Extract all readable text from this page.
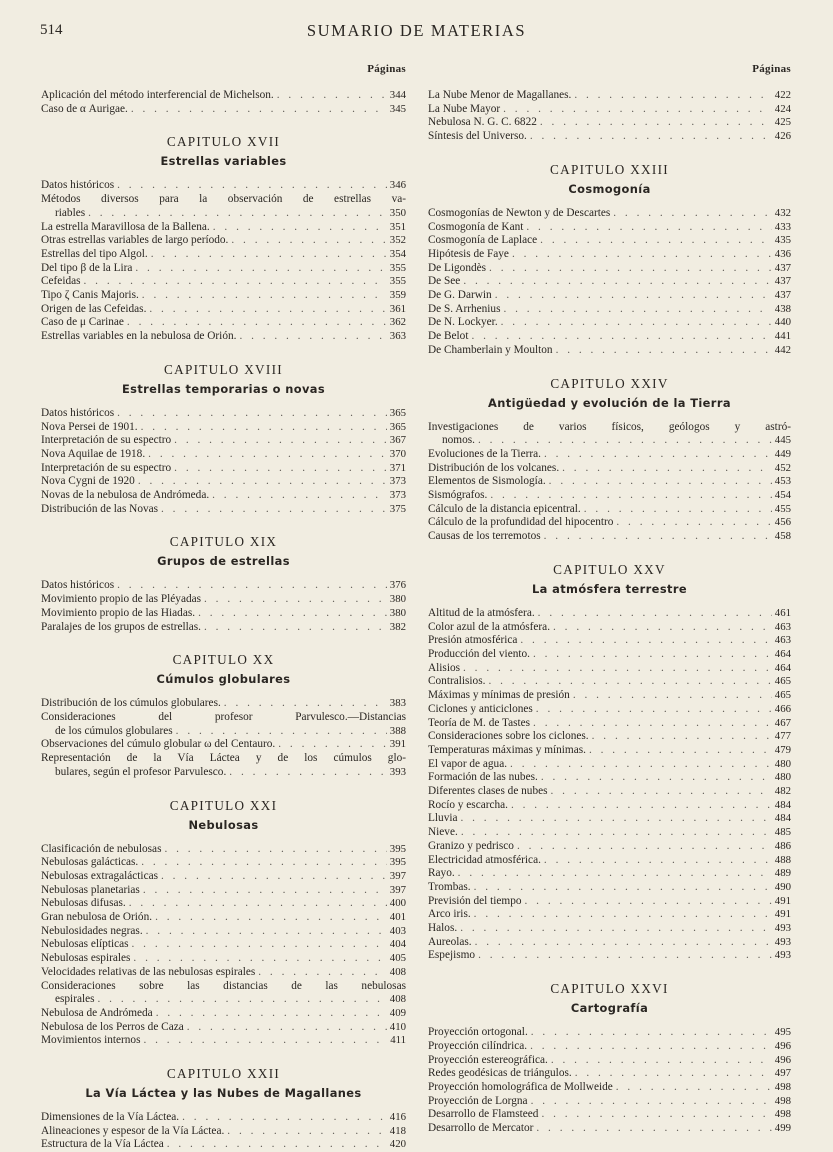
514	SUMARIO DE MATERIAS
Páginas
Aplicación del método interferencial de Michelson. . . .	344
Caso de α Aurigae. . . .	345
CAPITULO XVII
Estrellas variables
Datos históricos . . .	346
Métodos diversos para la observación de estrellas va-
riables . . .	350
La estrella Maravillosa de la Ballena. . . .	351
Otras estrellas variables de largo período. . . .	352
Estrellas del tipo Algol. . . .	354
Del tipo β de la Lira . . .	355
Cefeidas . . .	355
Tipo ζ Canis Majoris. . . .	359
Origen de las Cefeidas. . . .	361
Caso de μ Carinae . . .	362
Estrellas variables en la nebulosa de Orión. . . .	363
CAPITULO XVIII
Estrellas temporarias o novas
Datos históricos . . .	365
Nova Persei de 1901. . . .	365
Interpretación de su espectro . . .	367
Nova Aquilae de 1918. . . .	370
Interpretación de su espectro . . .	371
Nova Cygni de 1920 . . .	373
Novas de la nebulosa de Andrómeda. . . .	373
Distribución de las Novas . . .	375
CAPITULO XIX
Grupos de estrellas
Datos históricos . . .	376
Movimiento propio de las Pléyadas . . .	380
Movimiento propio de las Hiadas. . . .	380
Paralajes de los grupos de estrellas. . . .	382
CAPITULO XX
Cúmulos globulares
Distribución de los cúmulos globulares. . . .	383
Consideraciones del profesor Parvulesco.—Distancias
de los cúmulos globulares . . .	388
Observaciones del cúmulo globular ω del Centauro. . . .	391
Representación de la Vía Láctea y de los cúmulos glo-
bulares, según el profesor Parvulesco. . . .	393
CAPITULO XXI
Nebulosas
Clasificación de nebulosas . . .	395
Nebulosas galácticas. . . .	395
Nebulosas extragalácticas . . .	397
Nebulosas planetarias . . .	397
Nebulosas difusas. . . .	400
Gran nebulosa de Orión. . . .	401
Nebulosidades negras. . . .	403
Nebulosas elípticas . . .	404
Nebulosas espirales . . .	405
Velocidades relativas de las nebulosas espirales . . .	408
Consideraciones sobre las distancias de las nebulosas
espirales . . .	408
Nebulosa de Andrómeda . . .	409
Nebulosa de los Perros de Caza . . .	410
Movimientos internos . . .	411
CAPITULO XXII
La Vía Láctea y las Nubes de Magallanes
Dimensiones de la Vía Láctea. . . .	416
Alineaciones y espesor de la Vía Láctea. . . .	418
Estructura de la Vía Láctea . . .	420
Páginas
La Nube Menor de Magallanes. . . .	422
La Nube Mayor . . .	424
Nebulosa N. G. C. 6822 . . .	425
Síntesis del Universo. . . .	426
CAPITULO XXIII
Cosmogonía
Cosmogonías de Newton y de Descartes . . .	432
Cosmogonía de Kant . . .	433
Cosmogonía de Laplace . . .	435
Hipótesis de Faye . . .	436
De Ligondès . . .	437
De See . . .	437
De G. Darwin . . .	437
De S. Arrhenius . . .	438
De N. Lockyer. . . .	440
De Belot . . .	441
De Chamberlain y Moulton . . .	442
CAPITULO XXIV
Antigüedad y evolución de la Tierra
Investigaciones de varios físicos, geólogos y astró-
nomos. . . .	445
Evoluciones de la Tierra. . . .	449
Distribución de los volcanes. . . .	452
Elementos de Sismología. . . .	453
Sismógrafos. . . .	454
Cálculo de la distancia epicentral. . . .	455
Cálculo de la profundidad del hipocentro . . .	456
Causas de los terremotos . . .	458
CAPITULO XXV
La atmósfera terrestre
Altitud de la atmósfera. . . .	461
Color azul de la atmósfera. . . .	463
Presión atmosférica . . .	463
Producción del viento. . . .	464
Alisios . . .	464
Contralisios. . . .	465
Máximas y mínimas de presión . . .	465
Ciclones y anticiclones . . .	466
Teoría de M. de Tastes . . .	467
Consideraciones sobre los ciclones. . . .	477
Temperaturas máximas y mínimas. . . .	479
El vapor de agua. . . .	480
Formación de las nubes. . . .	480
Diferentes clases de nubes . . .	482
Rocío y escarcha. . . .	484
Lluvia . . .	484
Nieve. . . .	485
Granizo y pedrisco . . .	486
Electricidad atmosférica. . . .	488
Rayo. . . .	489
Trombas. . . .	490
Previsión del tiempo . . .	491
Arco iris. . . .	491
Halos. . . .	493
Aureolas. . . .	493
Espejismo . . .	493
CAPITULO XXVI
Cartografía
Proyección ortogonal. . . .	495
Proyección cilíndrica. . . .	496
Proyección estereográfica. . . .	496
Redes geodésicas de triángulos. . . .	497
Proyección homolográfica de Mollweide . . .	498
Proyección de Lorgna . . .	498
Desarrollo de Flamsteed . . .	498
Desarrollo de Mercator . . .	499
